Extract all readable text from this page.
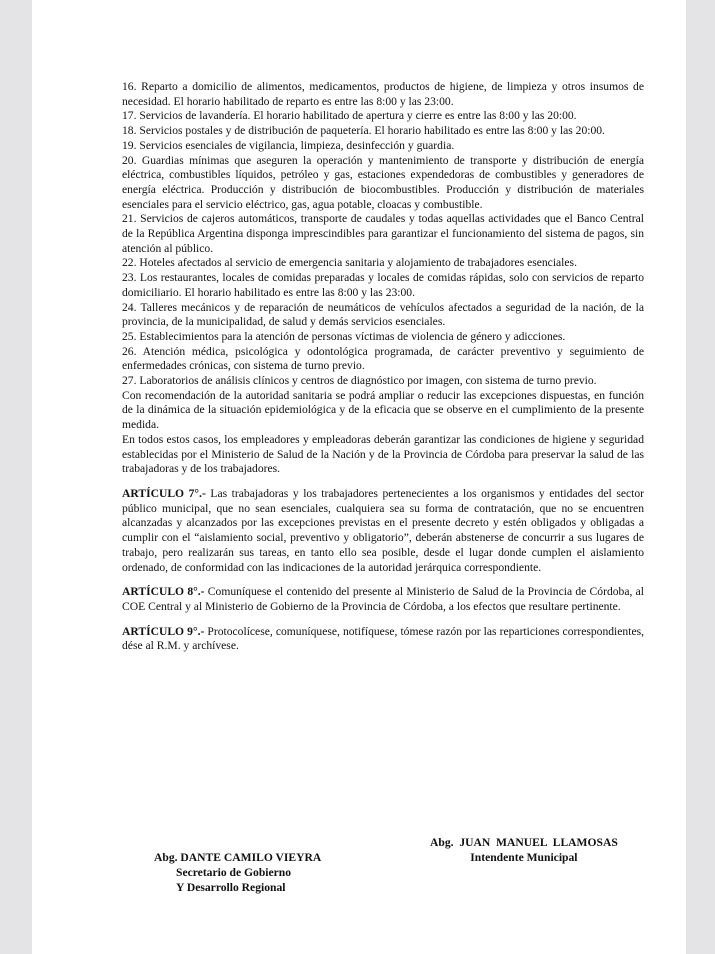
16. Reparto a domicilio de alimentos, medicamentos, productos de higiene, de limpieza y otros insumos de necesidad. El horario habilitado de reparto es entre las 8:00 y las 23:00.

17. Servicios de lavandería. El horario habilitado de apertura y cierre es entre las 8:00 y las 20:00.

18. Servicios postales y de distribución de paquetería. El horario habilitado es entre las 8:00 y las 20:00.

19. Servicios esenciales de vigilancia, limpieza, desinfección y guardia.

20. Guardias mínimas que aseguren la operación y mantenimiento de transporte y distribución de energía eléctrica, combustibles líquidos, petróleo y gas, estaciones expendedoras de combustibles y generadores de energía eléctrica. Producción y distribución de biocombustibles. Producción y distribución de materiales esenciales para el servicio eléctrico, gas, agua potable, cloacas y combustible.

21. Servicios de cajeros automáticos, transporte de caudales y todas aquellas actividades que el Banco Central de la República Argentina disponga imprescindibles para garantizar el funcionamiento del sistema de pagos, sin atención al público.

22. Hoteles afectados al servicio de emergencia sanitaria y alojamiento de trabajadores esenciales.

23. Los restaurantes, locales de comidas preparadas y locales de comidas rápidas, solo con servicios de reparto domiciliario. El horario habilitado es entre las 8:00 y las 23:00.

24. Talleres mecánicos y de reparación de neumáticos de vehículos afectados a seguridad de la nación, de la provincia, de la municipalidad, de salud y demás servicios esenciales.

25. Establecimientos para la atención de personas víctimas de violencia de género y adicciones.

26. Atención médica, psicológica y odontológica programada, de carácter preventivo y seguimiento de enfermedades crónicas, con sistema de turno previo.

27. Laboratorios de análisis clínicos y centros de diagnóstico por imagen, con sistema de turno previo.

Con recomendación de la autoridad sanitaria se podrá ampliar o reducir las excepciones dispuestas, en función de la dinámica de la situación epidemiológica y de la eficacia que se observe en el cumplimiento de la presente medida.

En todos estos casos, los empleadores y empleadoras deberán garantizar las condiciones de higiene y seguridad establecidas por el Ministerio de Salud de la Nación y de la Provincia de Córdoba para preservar la salud de las trabajadoras y de los trabajadores.

ARTÍCULO 7°.- Las trabajadoras y los trabajadores pertenecientes a los organismos y entidades del sector público municipal, que no sean esenciales, cualquiera sea su forma de contratación, que no se encuentren alcanzadas y alcanzados por las excepciones previstas en el presente decreto y estén obligados y obligadas a cumplir con el “aislamiento social, preventivo y obligatorio”, deberán abstenerse de concurrir a sus lugares de trabajo, pero realizarán sus tareas, en tanto ello sea posible, desde el lugar donde cumplen el aislamiento ordenado, de conformidad con las indicaciones de la autoridad jerárquica correspondiente.

ARTÍCULO 8°.- Comuníquese el contenido del presente al Ministerio de Salud de la Provincia de Córdoba, al COE Central y al Ministerio de Gobierno de la Provincia de Córdoba, a los efectos que resultare pertinente.

ARTÍCULO 9°.- Protocolícese, comuníquese, notifíquese, tómese razón por las reparticiones correspondientes, dése al R.M. y archívese.

Abg.  JUAN  MANUEL  LLAMOSAS
Intendente Municipal
Abg. DANTE CAMILO VIEYRA
Secretario de Gobierno
Y Desarrollo Regional
